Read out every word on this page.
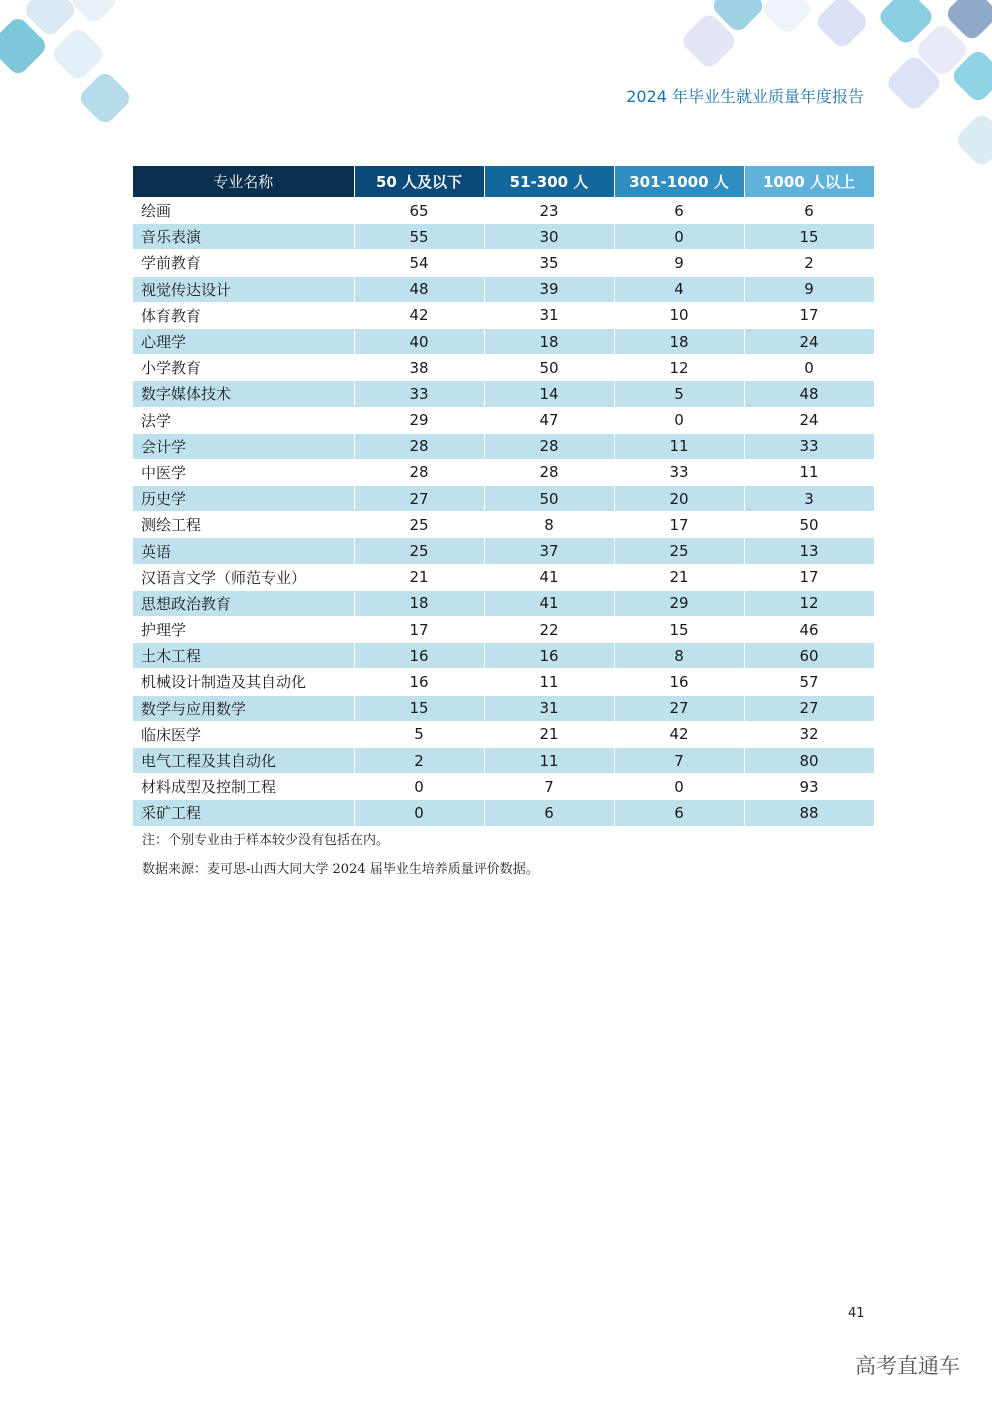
2024 年毕业生就业质量年度报告
专业名称	50 人及以下	51-300 人	301-1000 人	1000 人以上
绘画	65	23	6	6
音乐表演	55	30	0	15
学前教育	54	35	9	2
视觉传达设计	48	39	4	9
体育教育	42	31	10	17
心理学	40	18	18	24
小学教育	38	50	12	0
数字媒体技术	33	14	5	48
法学	29	47	0	24
会计学	28	28	11	33
中医学	28	28	33	11
历史学	27	50	20	3
测绘工程	25	8	17	50
英语	25	37	25	13
汉语言文学（师范专业）	21	41	21	17
思想政治教育	18	41	29	12
护理学	17	22	15	46
土木工程	16	16	8	60
机械设计制造及其自动化	16	11	16	57
数学与应用数学	15	31	27	27
临床医学	5	21	42	32
电气工程及其自动化	2	11	7	80
材料成型及控制工程	0	7	0	93
采矿工程	0	6	6	88
注：个别专业由于样本较少没有包括在内。
数据来源：麦可思-山西大同大学 2024 届毕业生培养质量评价数据。
41
高考直通车
